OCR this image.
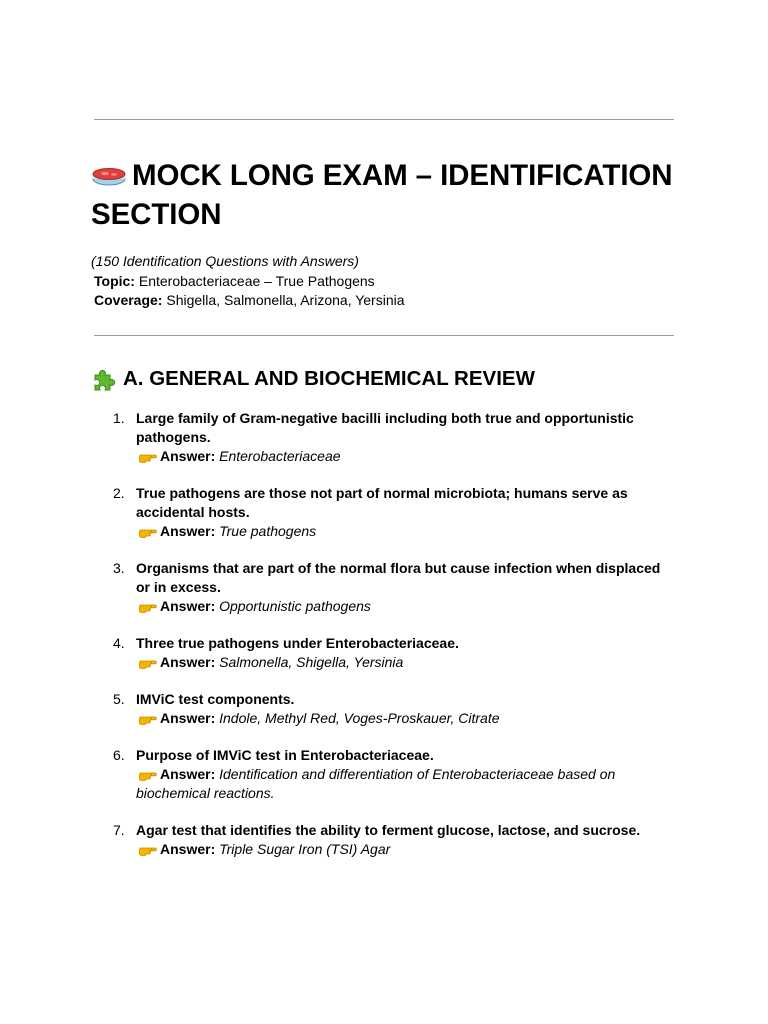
MOCK LONG EXAM – IDENTIFICATION SECTION
(150 Identification Questions with Answers)
Topic: Enterobacteriaceae – True Pathogens
Coverage: Shigella, Salmonella, Arizona, Yersinia
A. GENERAL AND BIOCHEMICAL REVIEW
1. Large family of Gram-negative bacilli including both true and opportunistic pathogens.
Answer: Enterobacteriaceae
2. True pathogens are those not part of normal microbiota; humans serve as accidental hosts.
Answer: True pathogens
3. Organisms that are part of the normal flora but cause infection when displaced or in excess.
Answer: Opportunistic pathogens
4. Three true pathogens under Enterobacteriaceae.
Answer: Salmonella, Shigella, Yersinia
5. IMViC test components.
Answer: Indole, Methyl Red, Voges-Proskauer, Citrate
6. Purpose of IMViC test in Enterobacteriaceae.
Answer: Identification and differentiation of Enterobacteriaceae based on biochemical reactions.
7. Agar test that identifies the ability to ferment glucose, lactose, and sucrose.
Answer: Triple Sugar Iron (TSI) Agar
